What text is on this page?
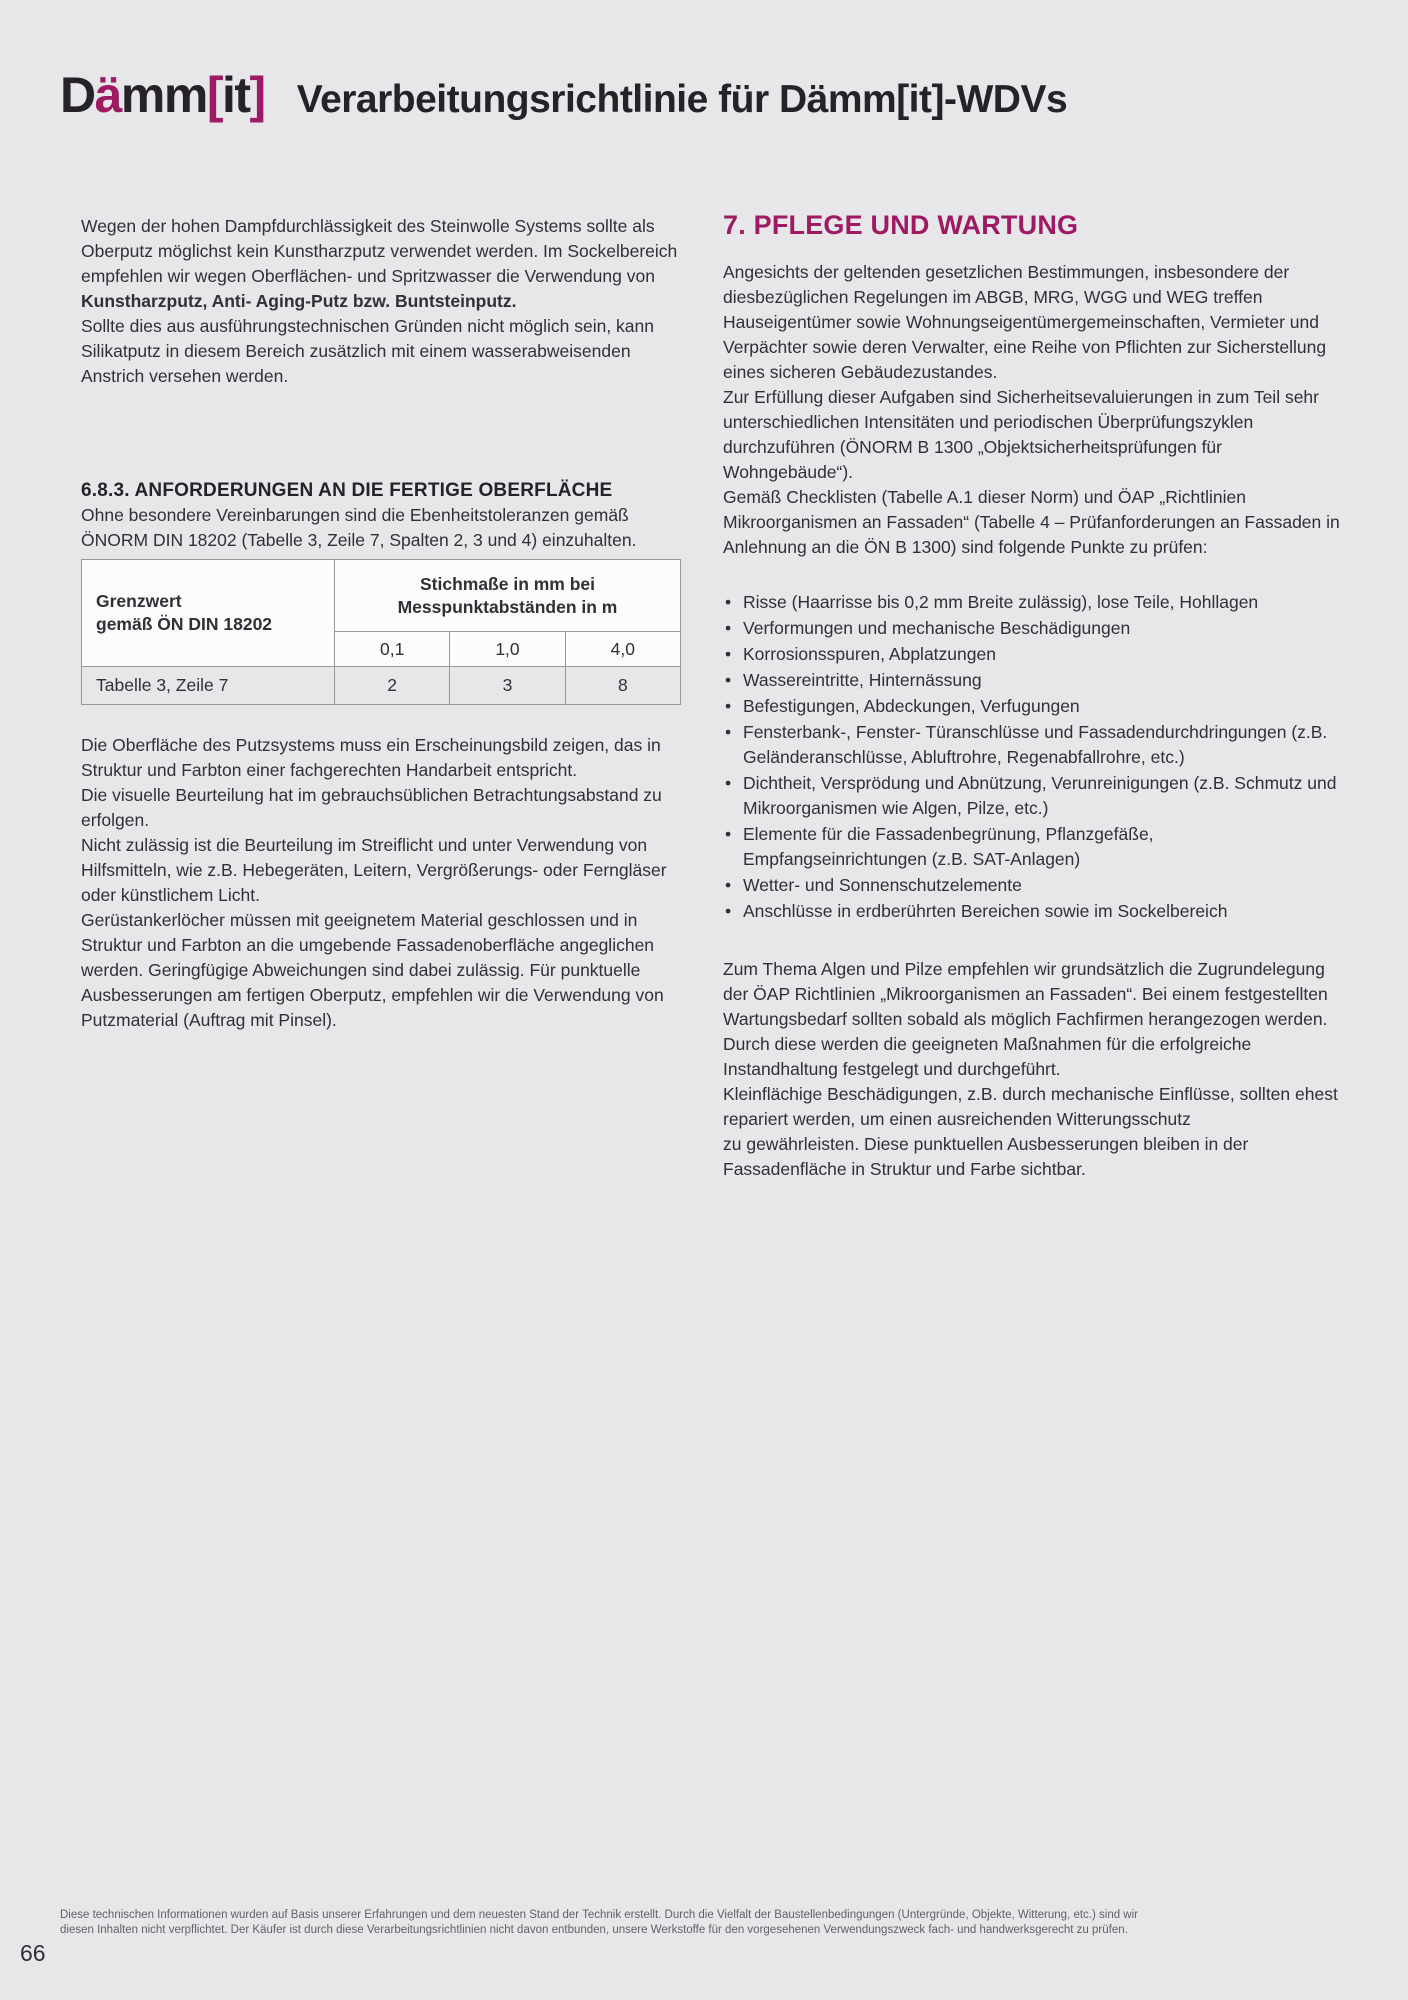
Dämm[it] Verarbeitungsrichtlinie für Dämm[it]-WDVs

Wegen der hohen Dampfdurchlässigkeit des Steinwolle Systems sollte als Oberputz möglichst kein Kunstharzputz verwendet werden. Im Sockelbereich empfehlen wir wegen Oberflächen- und Spritzwasser die Verwendung von Kunstharzputz, Anti- Aging-Putz bzw. Buntsteinputz.

Sollte dies aus ausführungstechnischen Gründen nicht möglich sein, kann Silikatputz in diesem Bereich zusätzlich mit einem wasserabweisenden Anstrich versehen werden.

6.8.3. ANFORDERUNGEN AN DIE FERTIGE OBERFLÄCHE

Ohne besondere Vereinbarungen sind die Ebenheitstoleranzen gemäß ÖNORM DIN 18202 (Tabelle 3, Zeile 7, Spalten 2, 3 und 4) einzuhalten.

Grenzwert
gemäß ÖN DIN 18202

Stichmaße in mm bei
Messpunktabständen in m

	0,1	1,0	4,0
Tabelle 3, Zeile 7	2	3	8

Die Oberfläche des Putzsystems muss ein Erscheinungsbild zeigen, das in Struktur und Farbton einer fachgerechten Handarbeit entspricht.

Die visuelle Beurteilung hat im gebrauchsüblichen Betrachtungsabstand zu erfolgen.

Nicht zulässig ist die Beurteilung im Streiflicht und unter Verwendung von Hilfsmitteln, wie z.B. Hebegeräten, Leitern, Vergrößerungs- oder Ferngläser oder künstlichem Licht.

Gerüstankerlöcher müssen mit geeignetem Material geschlossen und in Struktur und Farbton an die umgebende Fassadenoberfläche angeglichen werden. Geringfügige Abweichungen sind dabei zulässig. Für punktuelle Ausbesserungen am fertigen Oberputz, empfehlen wir die Verwendung von Putzmaterial (Auftrag mit Pinsel).

7. PFLEGE UND WARTUNG

Angesichts der geltenden gesetzlichen Bestimmungen, insbesondere der diesbezüglichen Regelungen im ABGB, MRG, WGG und WEG treffen Hauseigentümer sowie Wohnungseigentümergemeinschaften, Vermieter und Verpächter sowie deren Verwalter, eine Reihe von Pflichten zur Sicherstellung eines sicheren Gebäudezustandes.

Zur Erfüllung dieser Aufgaben sind Sicherheitsevaluierungen in zum Teil sehr unterschiedlichen Intensitäten und periodischen Überprüfungszyklen durchzuführen (ÖNORM B 1300 „Objektsicherheitsprüfungen für Wohngebäude“).

Gemäß Checklisten (Tabelle A.1 dieser Norm) und ÖAP „Richtlinien Mikroorganismen an Fassaden“ (Tabelle 4 – Prüfanforderungen an Fassaden in Anlehnung an die ÖN B 1300) sind folgende Punkte zu prüfen:

• Risse (Haarrisse bis 0,2 mm Breite zulässig), lose Teile, Hohllagen
• Verformungen und mechanische Beschädigungen
• Korrosionsspuren, Abplatzungen
• Wassereintritte, Hinternässung
• Befestigungen, Abdeckungen, Verfugungen
• Fensterbank-, Fenster- Türanschlüsse und Fassadendurchdringungen (z.B. Geländeranschlüsse, Abluftrohre, Regenabfallrohre, etc.)
• Dichtheit, Versprödung und Abnützung, Verunreinigungen (z.B. Schmutz und Mikroorganismen wie Algen, Pilze, etc.)
• Elemente für die Fassadenbegrünung, Pflanzgefäße, Empfangseinrichtungen (z.B. SAT-Anlagen)
• Wetter- und Sonnenschutzelemente
• Anschlüsse in erdberührten Bereichen sowie im Sockelbereich

Zum Thema Algen und Pilze empfehlen wir grundsätzlich die Zugrundelegung der ÖAP Richtlinien „Mikroorganismen an Fassaden“. Bei einem festgestellten Wartungsbedarf sollten sobald als möglich Fachfirmen herangezogen werden. Durch diese werden die geeigneten Maßnahmen für die erfolgreiche Instandhaltung festgelegt und durchgeführt.

Kleinflächige Beschädigungen, z.B. durch mechanische Einflüsse, sollten ehest repariert werden, um einen ausreichenden Witterungsschutz

zu gewährleisten. Diese punktuellen Ausbesserungen bleiben in der Fassadenfläche in Struktur und Farbe sichtbar.

Diese technischen Informationen wurden auf Basis unserer Erfahrungen und dem neuesten Stand der Technik erstellt. Durch die Vielfalt der Baustellenbedingungen (Untergründe, Objekte, Witterung, etc.) sind wir
diesen Inhalten nicht verpflichtet. Der Käufer ist durch diese Verarbeitungsrichtlinien nicht davon entbunden, unsere Werkstoffe für den vorgesehenen Verwendungszweck fach- und handwerksgerecht zu prüfen.
66
